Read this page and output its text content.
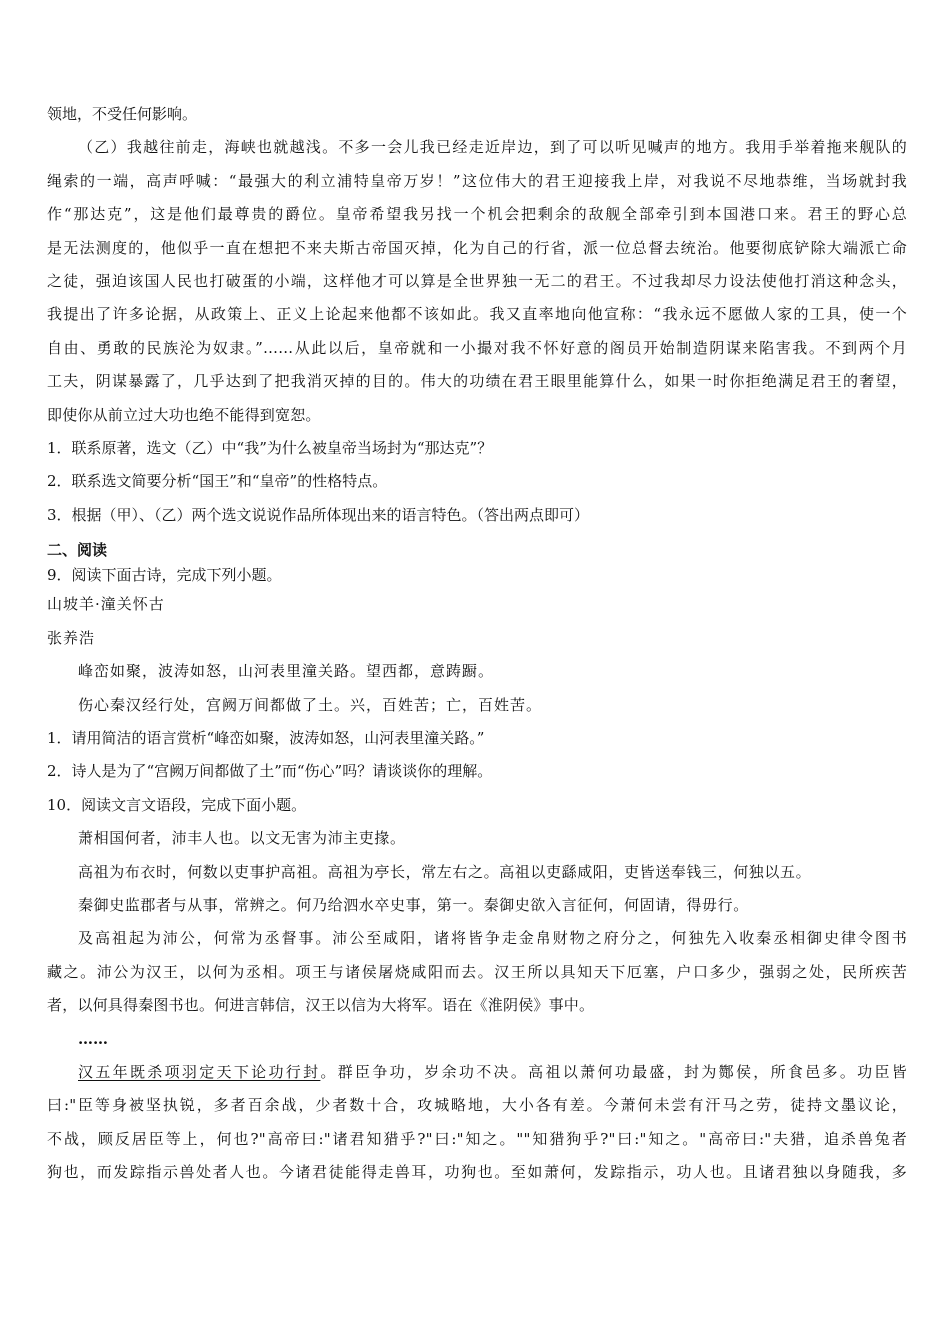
领地，不受任何影响。
（乙）我越往前走，海峡也就越浅。不多一会儿我已经走近岸边，到了可以听见喊声的地方。我用手举着拖来舰队的
绳索的一端，高声呼喊：“最强大的利立浦特皇帝万岁！”这位伟大的君王迎接我上岸，对我说不尽地恭维，当场就封我
作“那达克”，这是他们最尊贵的爵位。皇帝希望我另找一个机会把剩余的敌舰全部牵引到本国港口来。君王的野心总
是无法测度的，他似乎一直在想把不来夫斯古帝国灭掉，化为自己的行省，派一位总督去统治。他要彻底铲除大端派亡命
之徒，强迫该国人民也打破蛋的小端，这样他才可以算是全世界独一无二的君王。不过我却尽力设法使他打消这种念头，
我提出了许多论据，从政策上、正义上论起来他都不该如此。我又直率地向他宣称：“我永远不愿做人家的工具，使一个
自由、勇敢的民族沦为奴隶。”……从此以后，皇帝就和一小撮对我不怀好意的阁员开始制造阴谋来陷害我。不到两个月
工夫，阴谋暴露了，几乎达到了把我消灭掉的目的。伟大的功绩在君王眼里能算什么，如果一时你拒绝满足君王的奢望，
即使你从前立过大功也绝不能得到宽恕。
1．联系原著，选文（乙）中“我”为什么被皇帝当场封为“那达克”？
2．联系选文简要分析“国王”和“皇帝”的性格特点。
3．根据（甲）、（乙）两个选文说说作品所体现出来的语言特色。（答出两点即可）
二、阅读
9．阅读下面古诗，完成下列小题。
山坡羊·潼关怀古
张养浩
峰峦如聚，波涛如怒，山河表里潼关路。望西都，意踌蹰。
伤心秦汉经行处，宫阙万间都做了土。兴，百姓苦；亡，百姓苦。
1．请用简洁的语言赏析“峰峦如聚，波涛如怒，山河表里潼关路。”
2．诗人是为了“宫阙万间都做了土”而“伤心”吗？请谈谈你的理解。
10．阅读文言文语段，完成下面小题。
萧相国何者，沛丰人也。以文无害为沛主吏掾。
高祖为布衣时，何数以吏事护高祖。高祖为亭长，常左右之。高祖以吏繇咸阳，吏皆送奉钱三，何独以五。
秦御史监郡者与从事，常辨之。何乃给泗水卒史事，第一。秦御史欲入言征何，何固请，得毋行。
及高祖起为沛公，何常为丞督事。沛公至咸阳，诸将皆争走金帛财物之府分之，何独先入收秦丞相御史律令图书
藏之。沛公为汉王，以何为丞相。项王与诸侯屠烧咸阳而去。汉王所以具知天下厄塞，户口多少，强弱之处，民所疾苦
者，以何具得秦图书也。何进言韩信，汉王以信为大将军。语在《淮阴侯》事中。
……
汉五年既杀项羽定天下论功行封。群臣争功，岁余功不决。高祖以萧何功最盛，封为酂侯，所食邑多。功臣皆
曰:"臣等身被坚执锐，多者百余战，少者数十合，攻城略地，大小各有差。今萧何未尝有汗马之劳，徒持文墨议论，
不战，顾反居臣等上，何也?"高帝曰:"诸君知猎乎?"曰:"知之。""知猎狗乎?"曰:"知之。"高帝曰:"夫猎，追杀兽兔者
狗也，而发踪指示兽处者人也。今诸君徒能得走兽耳，功狗也。至如萧何，发踪指示，功人也。且诸君独以身随我，多
